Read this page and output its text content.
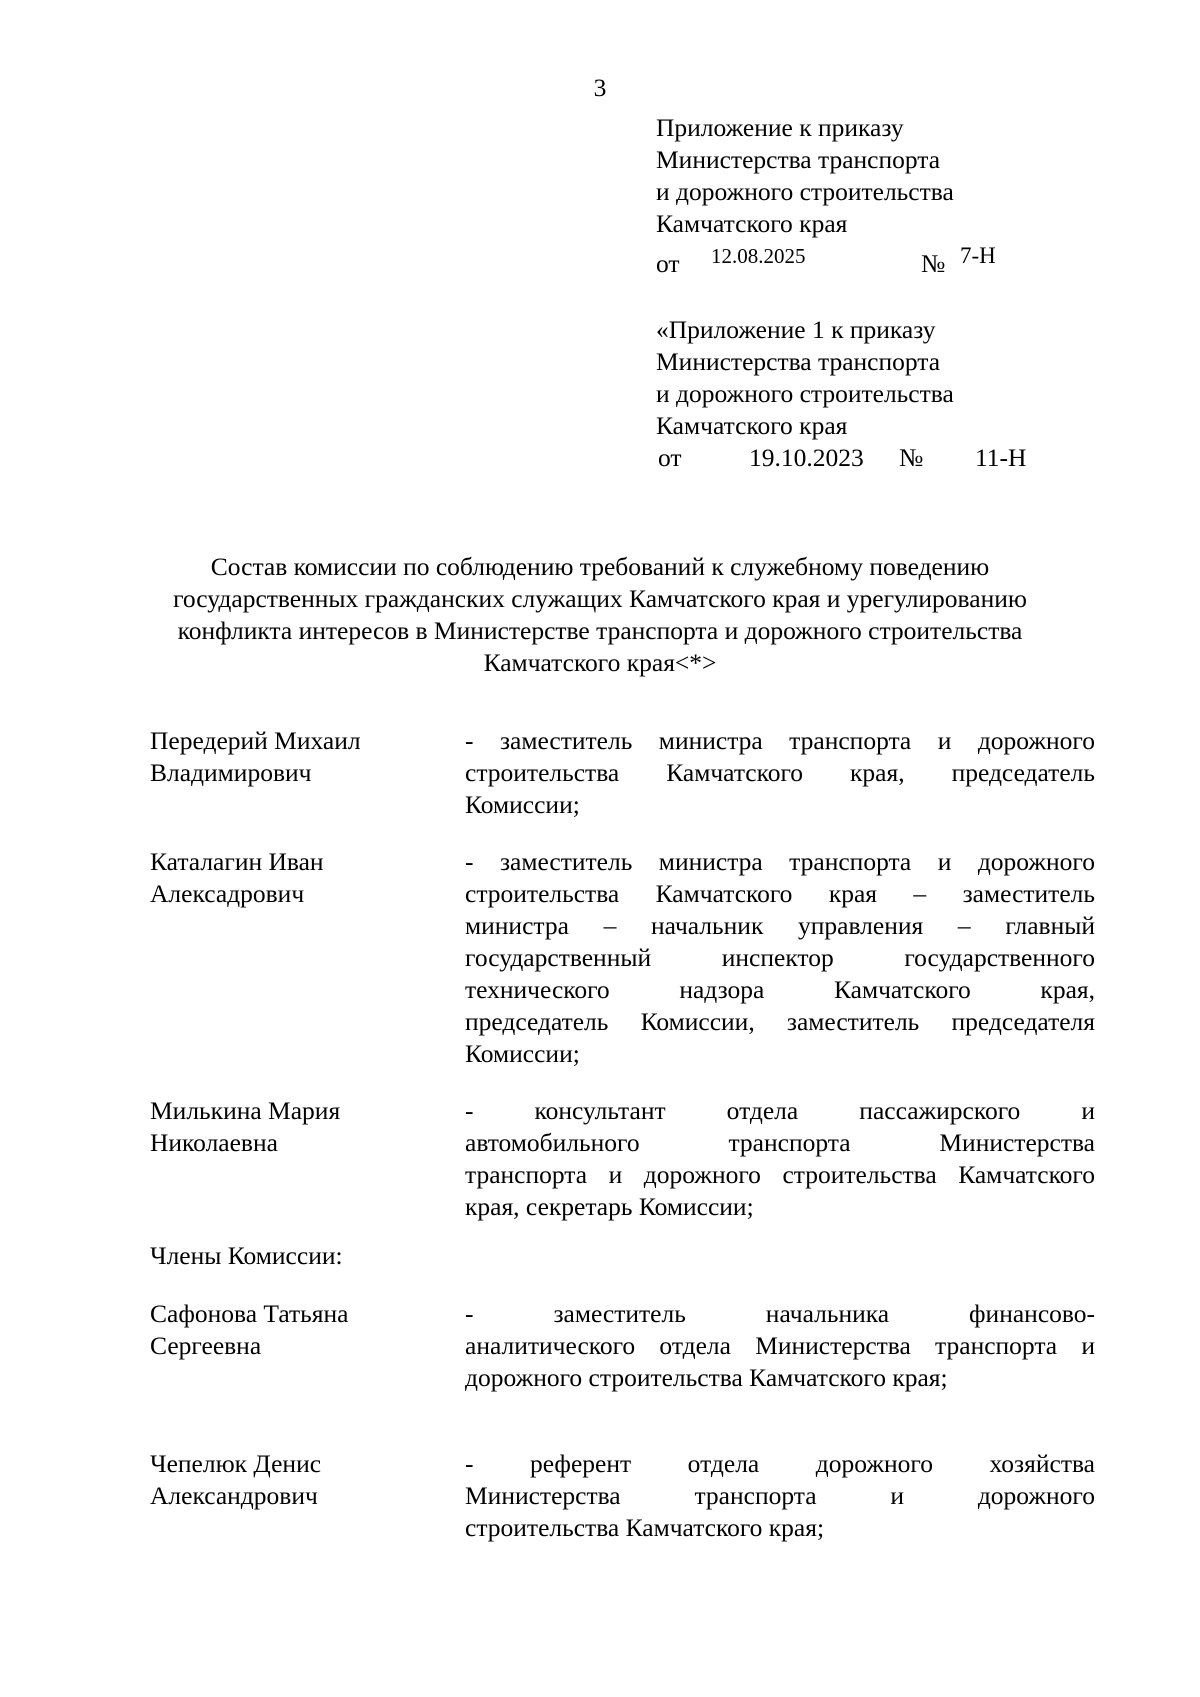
3
Приложение к приказу
Министерства транспорта
и дорожного строительства
Камчатского края
от 12.08.2025	№ 7-Н
«Приложение 1 к приказу
Министерства транспорта
и дорожного строительства
Камчатского края
от	19.10.2023 № 11-Н
Состав комиссии по соблюдению требований к служебному поведению
государственных гражданских служащих Камчатского края и урегулированию
конфликта интересов в Министерстве транспорта и дорожного строительства
Камчатского края<*>
Передерий Михаил
Владимирович
- заместитель министра транспорта и дорожного
строительства Камчатского края, председатель
Комиссии;
Каталагин Иван
Алексадрович
- заместитель министра транспорта и дорожного
строительства Камчатского края – заместитель
министра – начальник управления – главный
государственный инспектор государственного
технического надзора Камчатского края,
председатель Комиссии, заместитель председателя
Комиссии;
Милькина Мария
Николаевна
- консультант отдела пассажирского и
автомобильного транспорта Министерства
транспорта и дорожного строительства Камчатского
края, секретарь Комиссии;
Члены Комиссии:
Сафонова Татьяна
Сергеевна
- заместитель начальника финансово-
аналитического отдела Министерства транспорта и
дорожного строительства Камчатского края;
Чепелюк Денис
Александрович
- референт отдела дорожного хозяйства
Министерства транспорта и дорожного
строительства Камчатского края;
